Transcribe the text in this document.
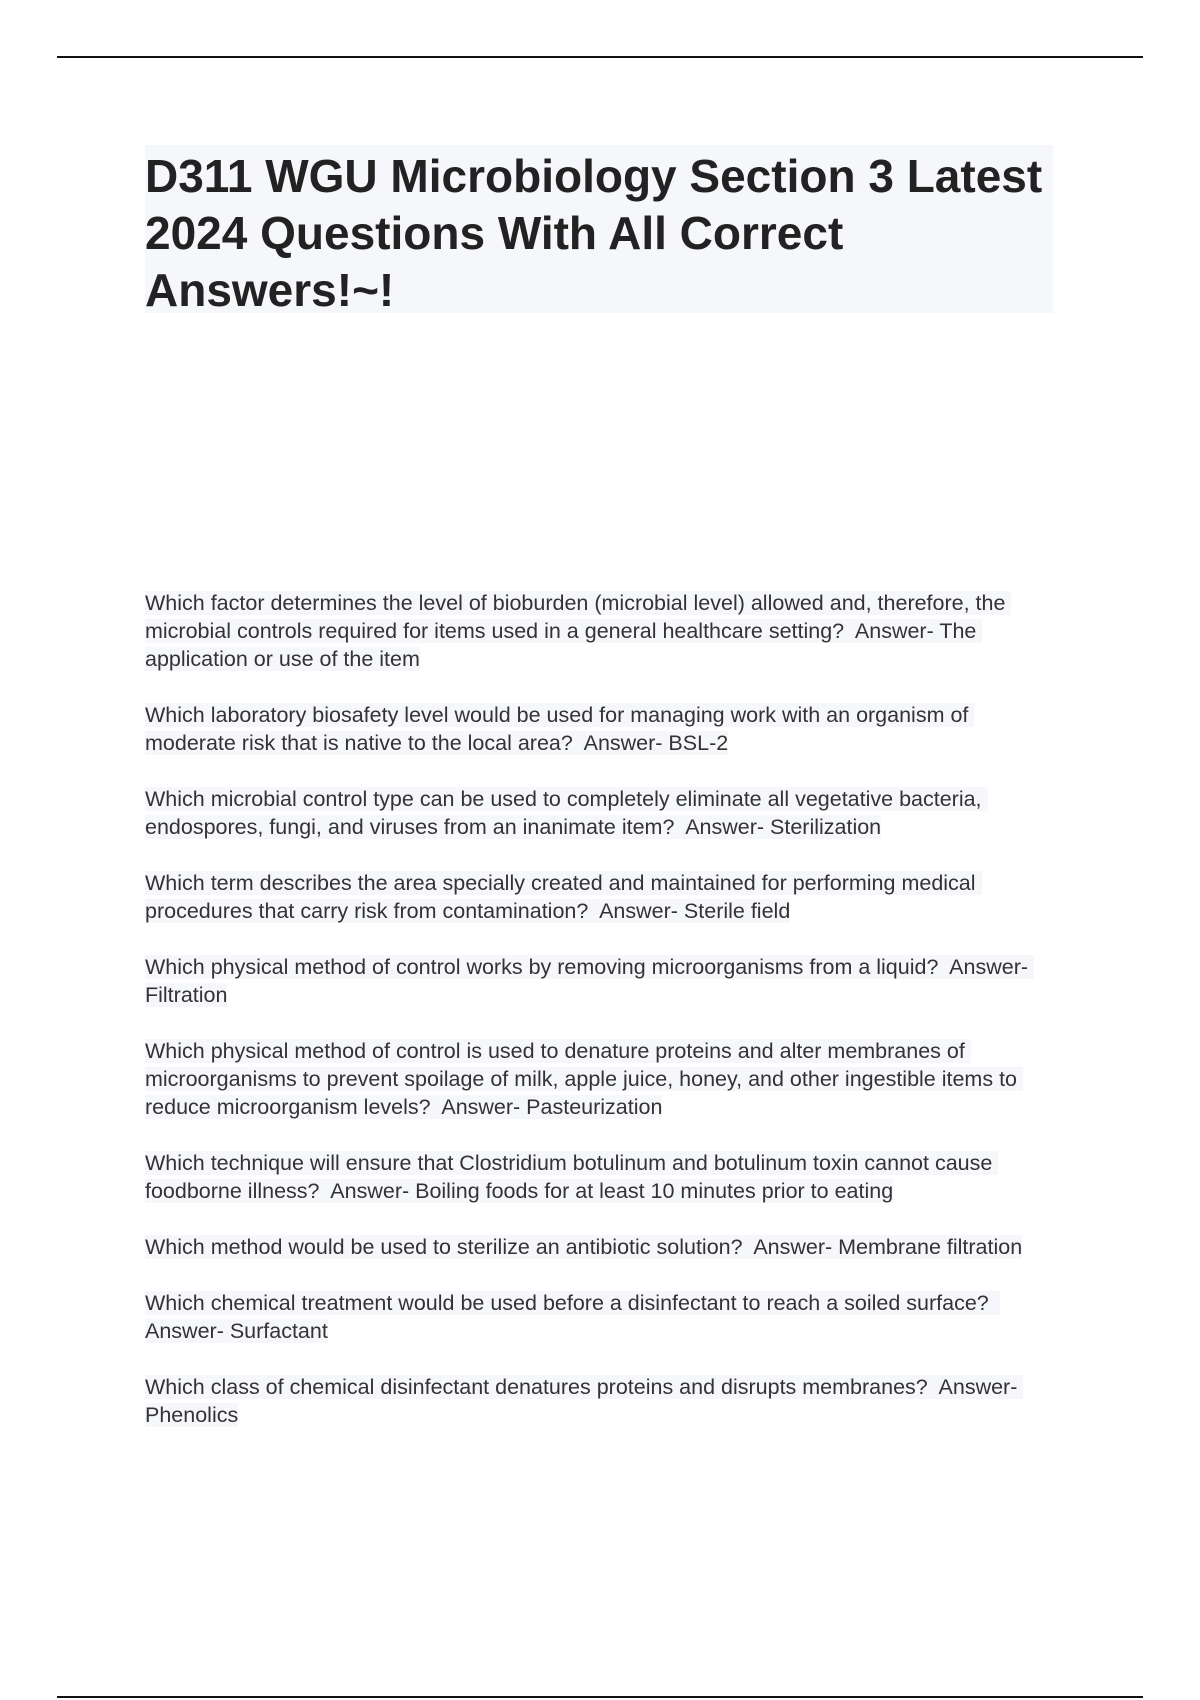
D311 WGU Microbiology Section 3 Latest 2024 Questions With All Correct Answers!~!

Which factor determines the level of bioburden (microbial level) allowed and, therefore, the microbial controls required for items used in a general healthcare setting?  Answer- The application or use of the item

Which laboratory biosafety level would be used for managing work with an organism of moderate risk that is native to the local area?  Answer- BSL-2

Which microbial control type can be used to completely eliminate all vegetative bacteria, endospores, fungi, and viruses from an inanimate item?  Answer- Sterilization

Which term describes the area specially created and maintained for performing medical procedures that carry risk from contamination?  Answer- Sterile field

Which physical method of control works by removing microorganisms from a liquid?  Answer- Filtration

Which physical method of control is used to denature proteins and alter membranes of microorganisms to prevent spoilage of milk, apple juice, honey, and other ingestible items to reduce microorganism levels?  Answer- Pasteurization

Which technique will ensure that Clostridium botulinum and botulinum toxin cannot cause foodborne illness?  Answer- Boiling foods for at least 10 minutes prior to eating

Which method would be used to sterilize an antibiotic solution?  Answer- Membrane filtration

Which chemical treatment would be used before a disinfectant to reach a soiled surface?  Answer- Surfactant

Which class of chemical disinfectant denatures proteins and disrupts membranes?  Answer- Phenolics
